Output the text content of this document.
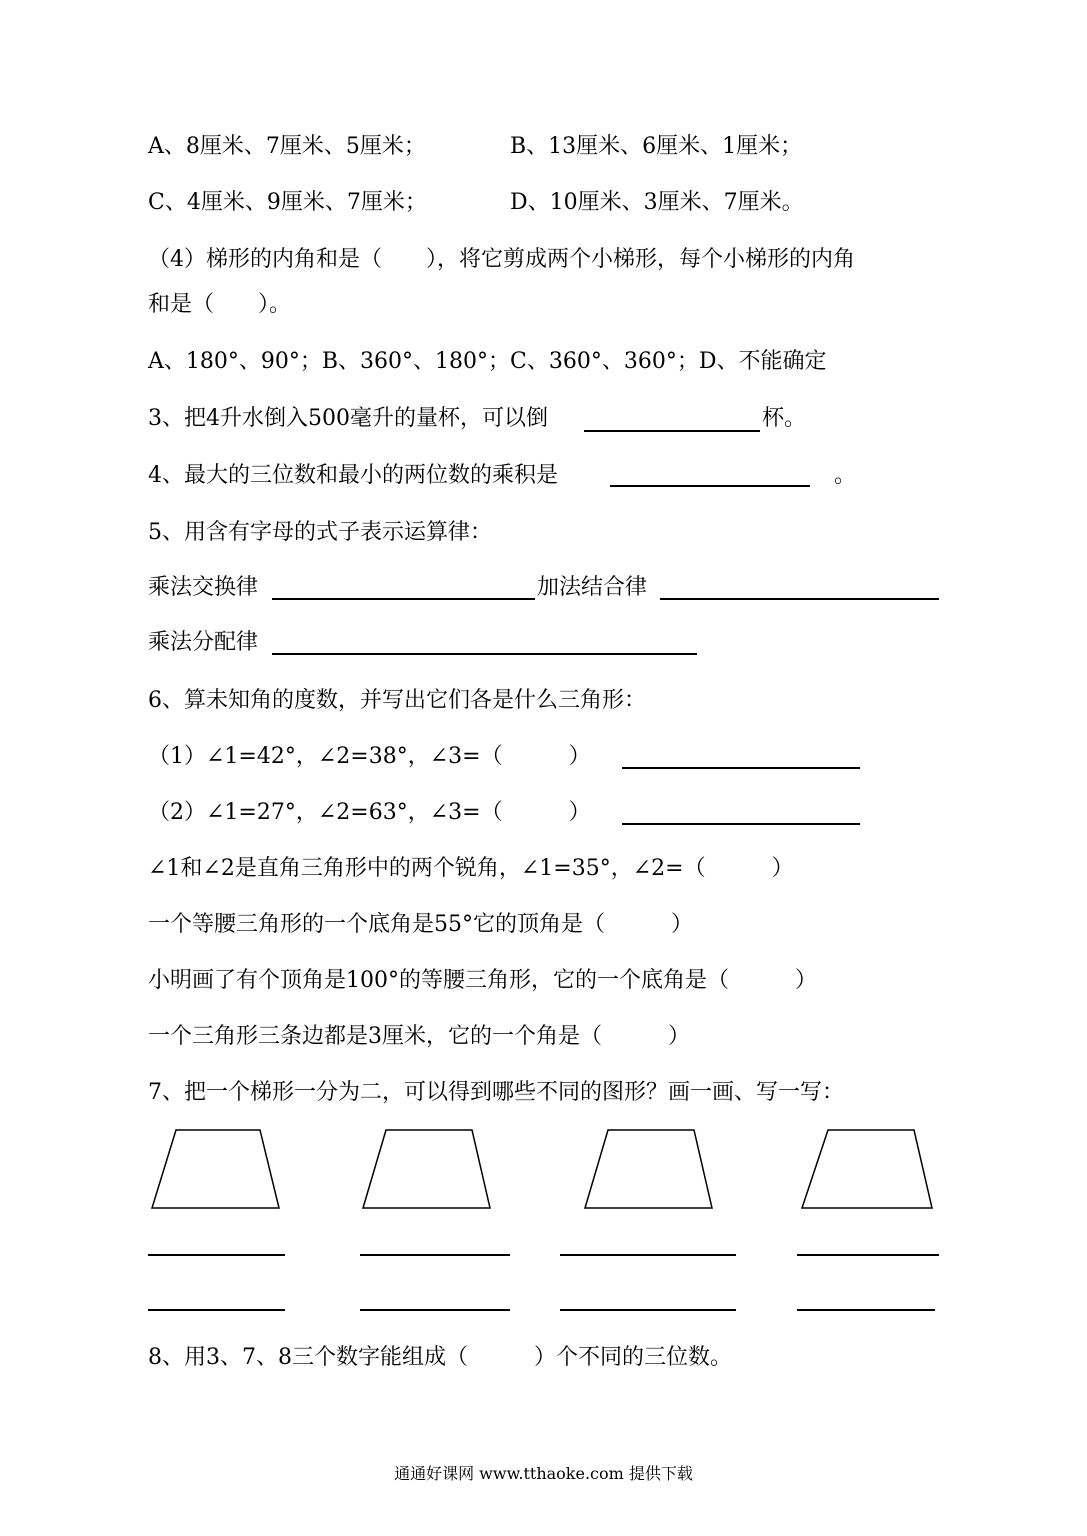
A、8厘米、7厘米、5厘米；	B、13厘米、6厘米、1厘米；
C、4厘米、9厘米、7厘米；	D、10厘米、3厘米、7厘米。
（4）梯形的内角和是（　　），将它剪成两个小梯形，每个小梯形的内角
和是（　　）。
A、180°、90°；B、360°、180°；C、360°、360°；D、不能确定
3、把4升水倒入500毫升的量杯，可以倒	杯。
4、最大的三位数和最小的两位数的乘积是	。
5、用含有字母的式子表示运算律：
乘法交换律	加法结合律
乘法分配律
6、算未知角的度数，并写出它们各是什么三角形：
（1）∠1=42°，∠2=38°，∠3=（　　　）
（2）∠1=27°，∠2=63°，∠3=（　　　）
∠1和∠2是直角三角形中的两个锐角，∠1=35°，∠2=（　　　）
一个等腰三角形的一个底角是55°它的顶角是（　　　）
小明画了有个顶角是100°的等腰三角形，它的一个底角是（　　　）
一个三角形三条边都是3厘米，它的一个角是（　　　）
7、把一个梯形一分为二，可以得到哪些不同的图形？画一画、写一写：
8、用3、7、8三个数字能组成（　　　）个不同的三位数。
通通好课网 www.tthaoke.com 提供下载
